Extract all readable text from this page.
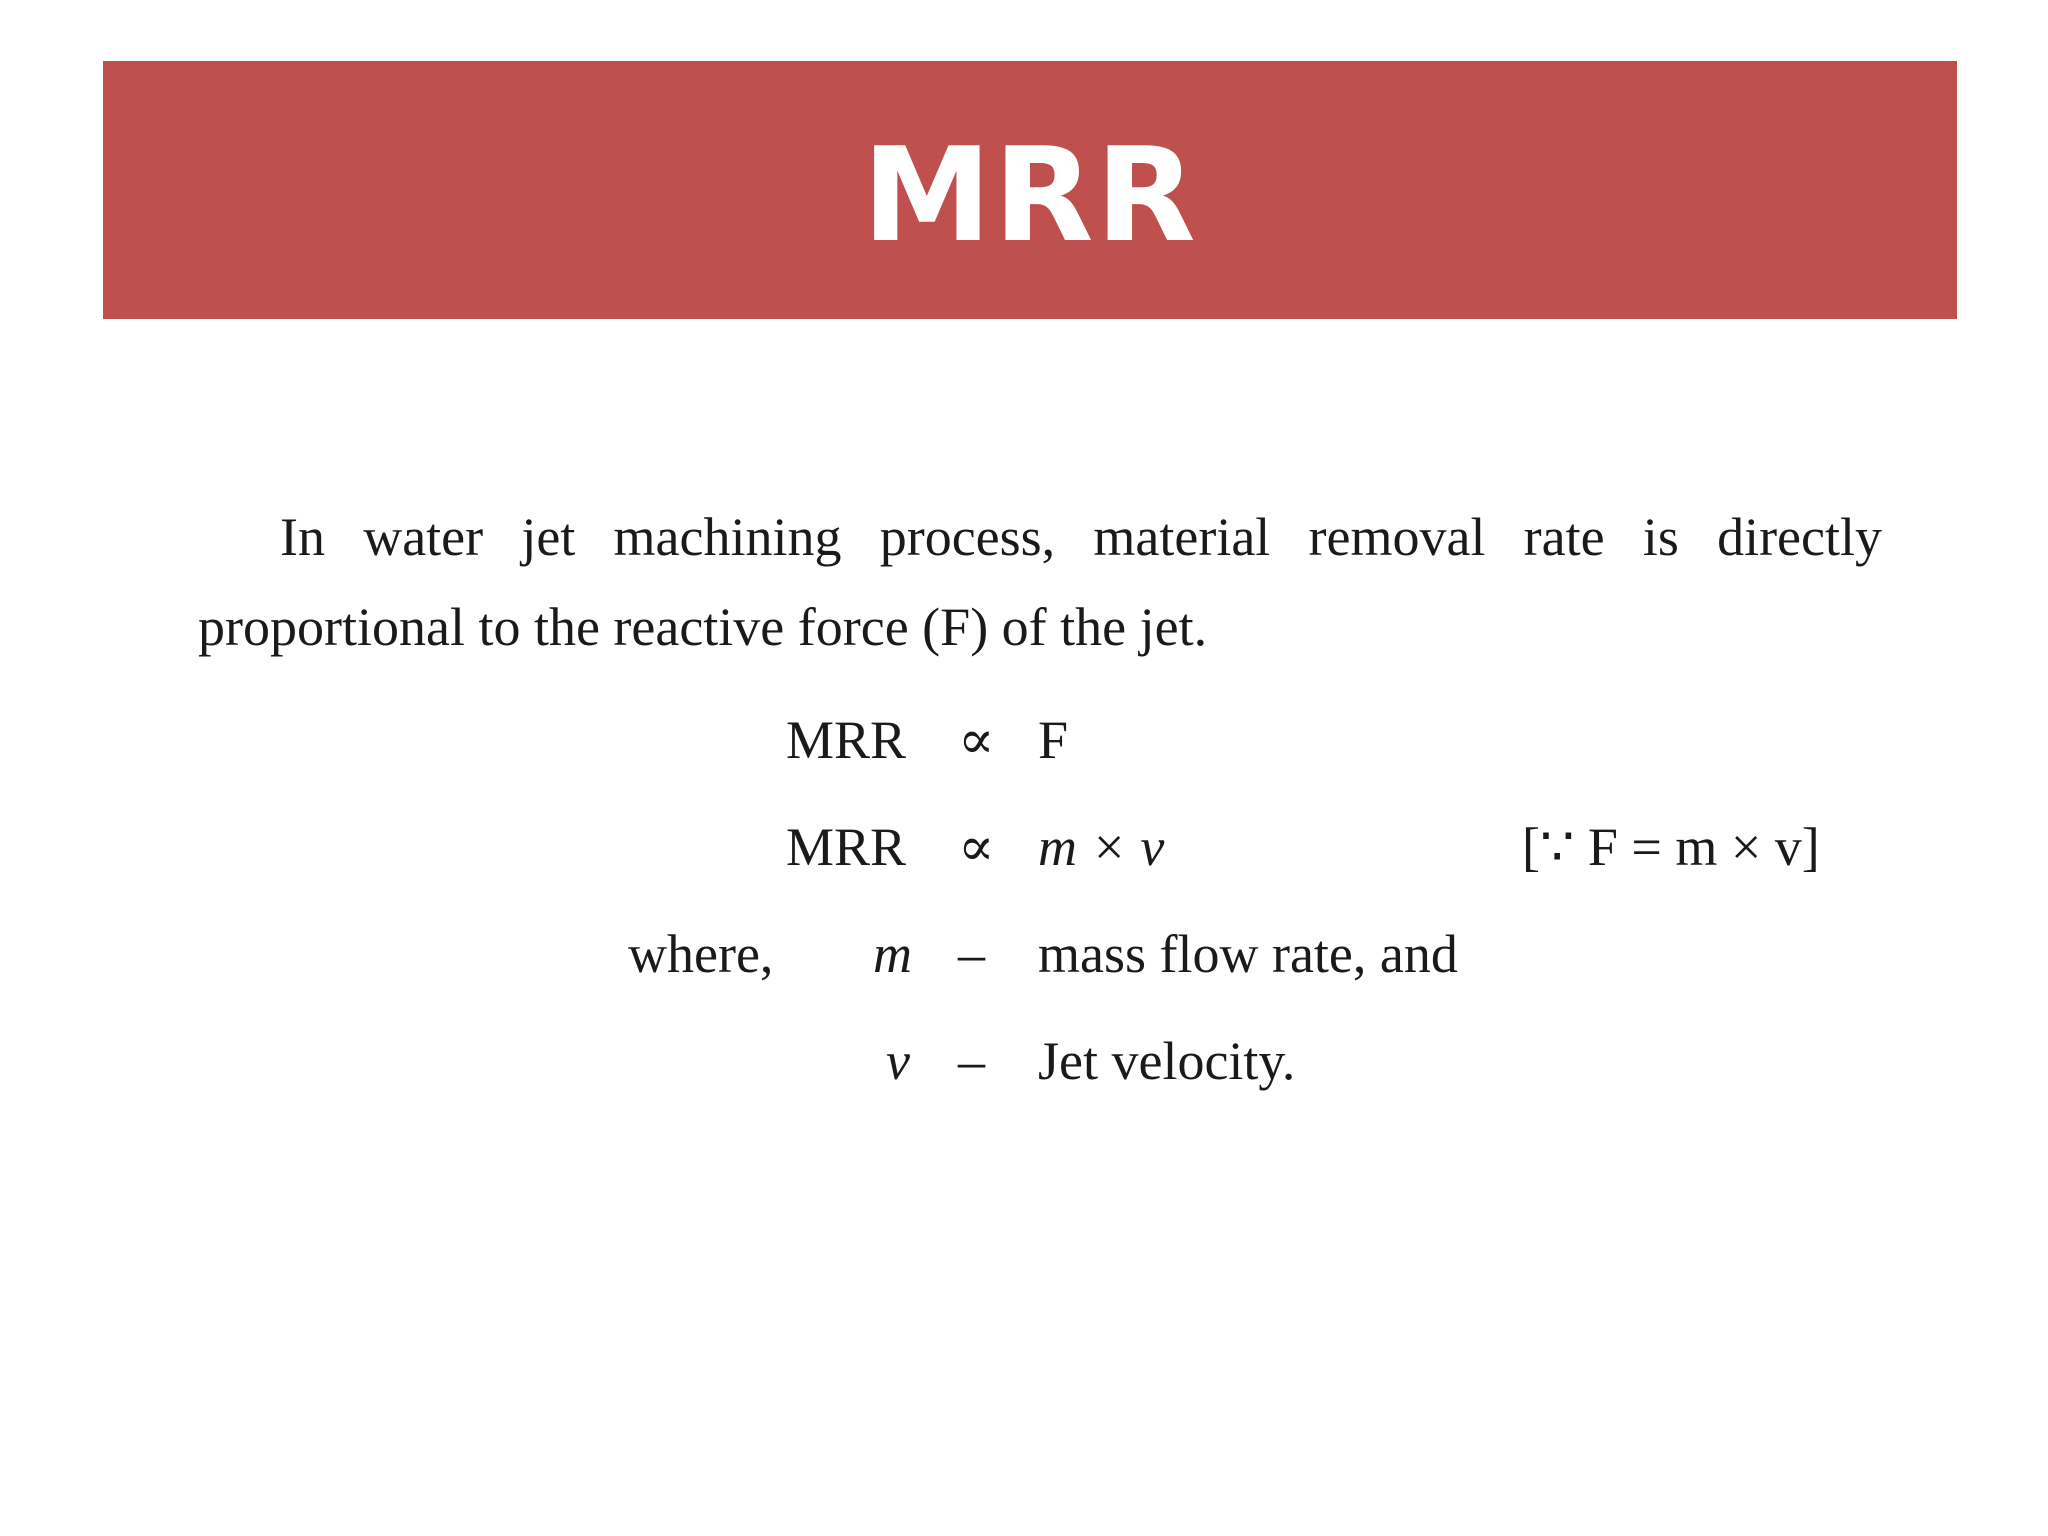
MRR
In water jet machining process, material removal rate is directly
proportional to the reactive force (F) of the jet.
MRR ∝ F
MRR ∝ m × v	[∵ F = m × v]
where, m – mass flow rate, and
v – Jet velocity.
